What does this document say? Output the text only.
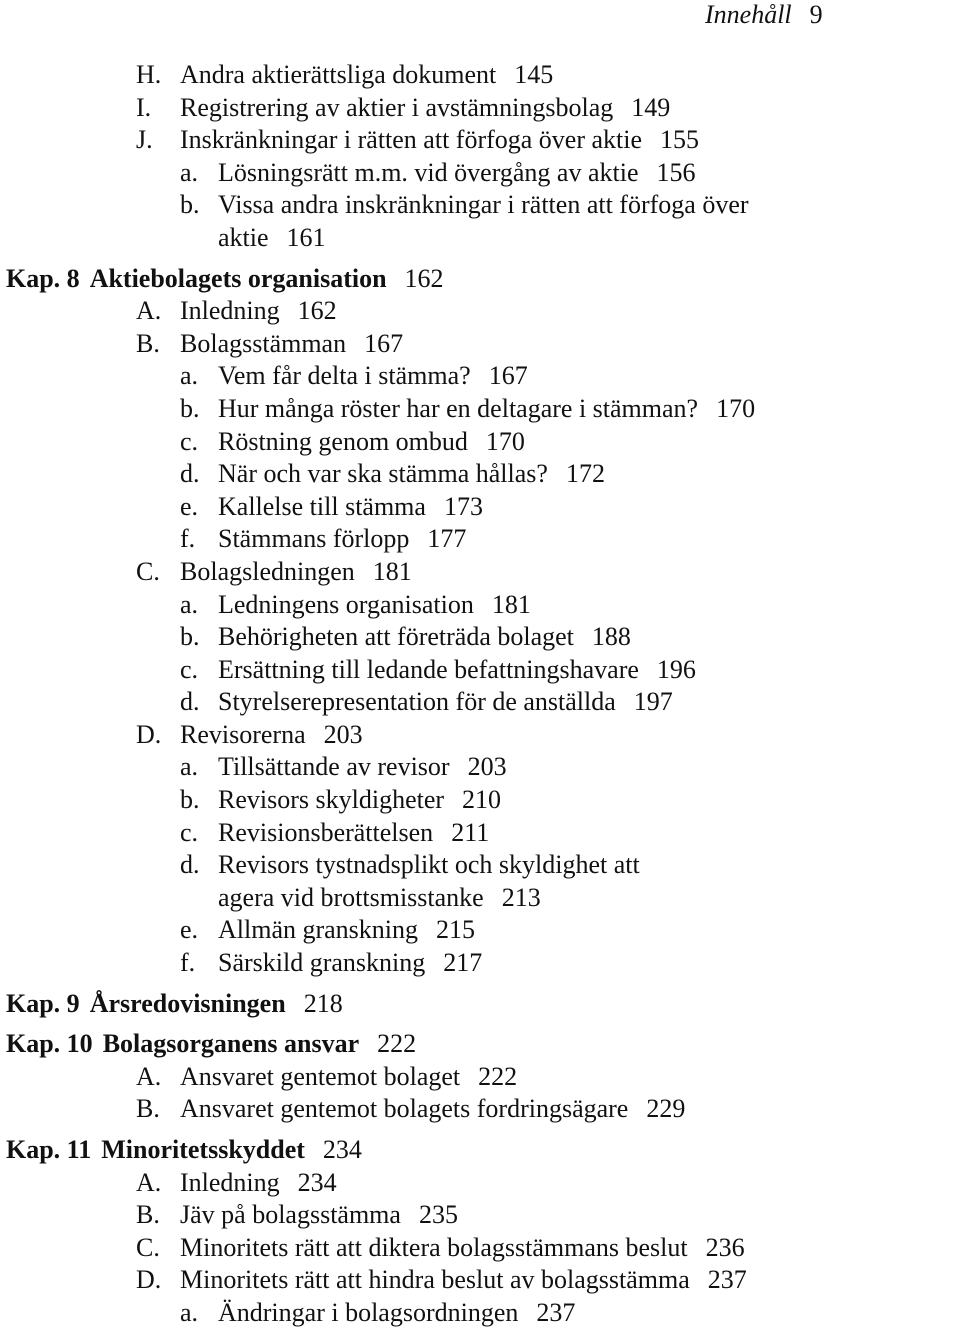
Innehåll 9
H. Andra aktierättsliga dokument 145
I. Registrering av aktier i avstämningsbolag 149
J. Inskränkningar i rätten att förfoga över aktie 155
a. Lösningsrätt m.m. vid övergång av aktie 156
b. Vissa andra inskränkningar i rätten att förfoga över
aktie 161
Kap. 8 Aktiebolagets organisation 162
A. Inledning 162
B. Bolagsstämman 167
a. Vem får delta i stämma? 167
b. Hur många röster har en deltagare i stämman? 170
c. Röstning genom ombud 170
d. När och var ska stämma hållas? 172
e. Kallelse till stämma 173
f. Stämmans förlopp 177
C. Bolagsledningen 181
a. Ledningens organisation 181
b. Behörigheten att företräda bolaget 188
c. Ersättning till ledande befattningshavare 196
d. Styrelserepresentation för de anställda 197
D. Revisorerna 203
a. Tillsättande av revisor 203
b. Revisors skyldigheter 210
c. Revisionsberättelsen 211
d. Revisors tystnadsplikt och skyldighet att
agera vid brottsmisstanke 213
e. Allmän granskning 215
f. Särskild granskning 217
Kap. 9 Årsredovisningen 218
Kap. 10 Bolagsorganens ansvar 222
A. Ansvaret gentemot bolaget 222
B. Ansvaret gentemot bolagets fordringsägare 229
Kap. 11 Minoritetsskyddet 234
A. Inledning 234
B. Jäv på bolagsstämma 235
C. Minoritets rätt att diktera bolagsstämmans beslut 236
D. Minoritets rätt att hindra beslut av bolagsstämma 237
a. Ändringar i bolagsordningen 237
